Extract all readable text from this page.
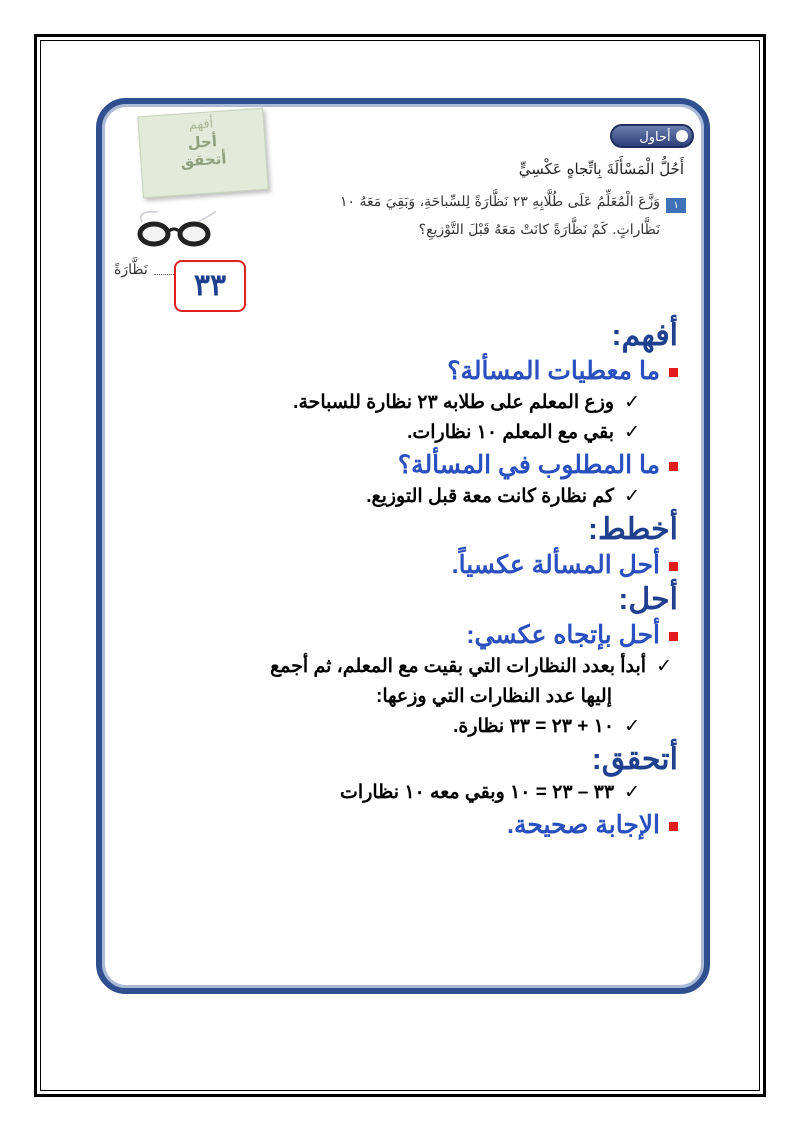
أفهم
أحل
أتحقق
أحاول
أَحُلُّ الْمَسْأَلَةَ بِاتِّجاهٍ عَكْسِيٍّ
١
وَزَّعَ الْمُعَلِّمُ عَلَى طُلَّابِهِ ٢٣ نَظَّارَةً لِلسِّباحَةِ، وَبَقِيَ مَعَهُ ١٠
نَظَّاراتٍ. كَمْ نَظَّارَةً كانَتْ مَعَهُ قَبْلَ التَّوْزيعِ؟
نَظَّارَةً	٣٣
أفهم:
ما معطيات المسألة؟
✓وزع المعلم على طلابه ٢٣ نظارة للسباحة.
✓بقي مع المعلم ١٠ نظارات.
ما المطلوب في المسألة؟
✓كم نظارة كانت معة قبل التوزيع.
أخطط:
أحل المسألة عكسياً.
أحل:
أحل بإتجاه عكسي:
✓أبدأ بعدد النظارات التي بقيت مع المعلم، ثم أجمع
إليها عدد النظارات التي وزعها:
✓١٠ + ٢٣ = ٣٣ نظارة.
أتحقق:
✓٣٣ – ٢٣ = ١٠ وبقي معه ١٠ نظارات
الإجابة صحيحة.
